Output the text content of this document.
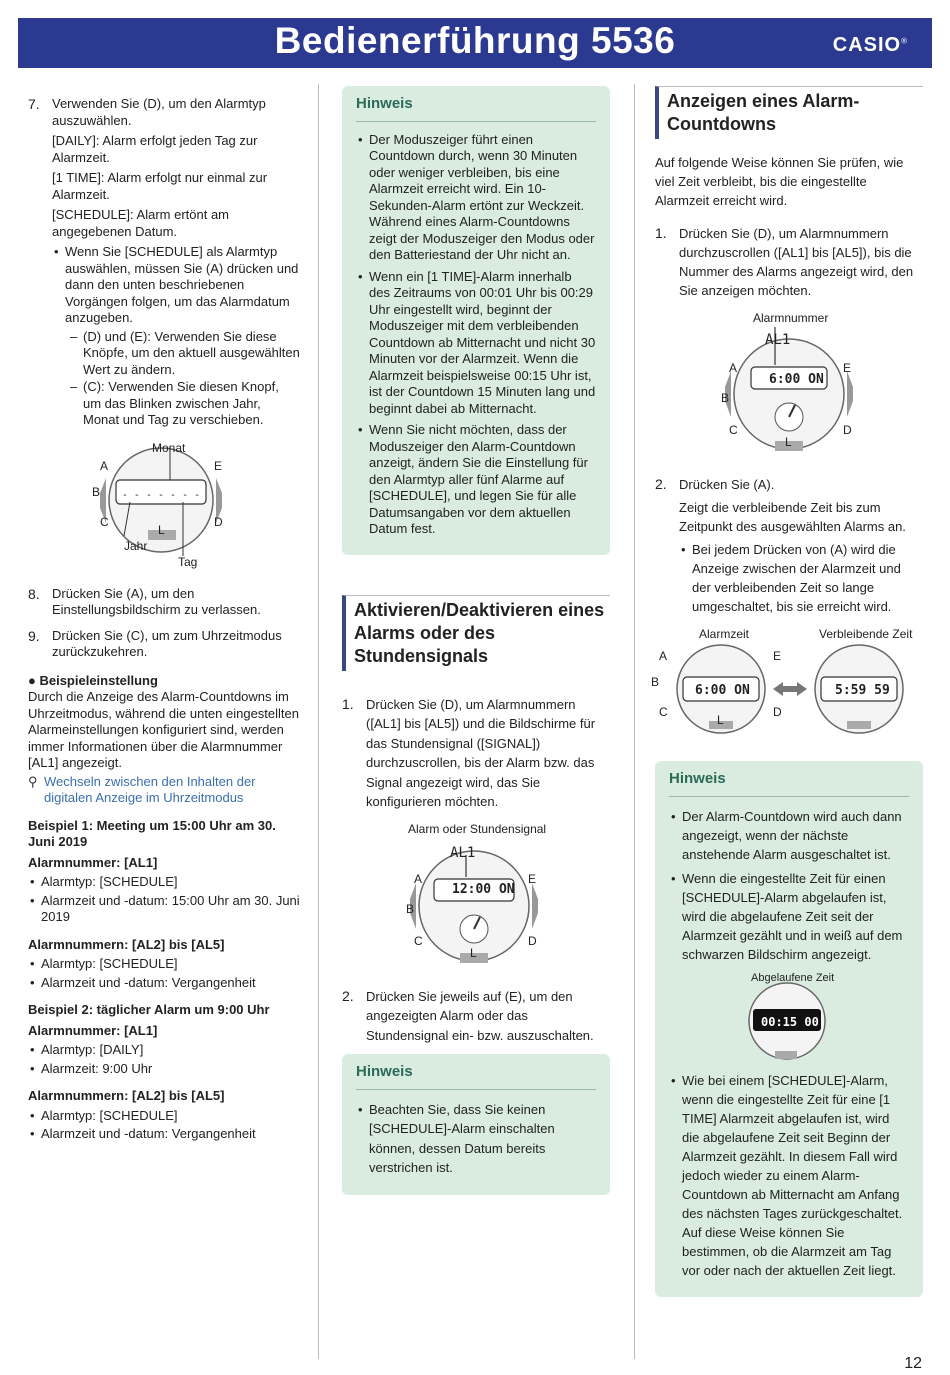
Bedienerführung 5536	CASIO®
7. Verwenden Sie (D), um den Alarmtyp auszuwählen.

[DAILY]: Alarm erfolgt jeden Tag zur Alarmzeit.

[1 TIME]: Alarm erfolgt nur einmal zur Alarmzeit.

[SCHEDULE]: Alarm ertönt am angegebenen Datum.

• Wenn Sie [SCHEDULE] als Alarmtyp auswählen, müssen Sie (A) drücken und dann den unten beschriebenen Vorgängen folgen, um das Alarmdatum anzugeben.
– (D) und (E): Verwenden Sie diese Knöpfe, um den aktuell ausgewählten Wert zu ändern.
– (C): Verwenden Sie diesen Knopf, um das Blinken zwischen Jahr, Monat und Tag zu verschieben.
- - - - - - -
Monat
Jahr
Tag
A
B
C	D
E
L
8. Drücken Sie (A), um den Einstellungsbildschirm zu verlassen.

9. Drücken Sie (C), um zum Uhrzeitmodus zurückzukehren.

● Beispieleinstellung
Durch die Anzeige des Alarm-Countdowns im Uhrzeitmodus, während die unten eingestellten Alarmeinstellungen konfiguriert sind, werden immer Informationen über die Alarmnummer [AL1] angezeigt.
⚲ Wechseln zwischen den Inhalten der digitalen Anzeige im Uhrzeitmodus
Beispiel 1: Meeting um 15:00 Uhr am 30. Juni 2019
Alarmnummer: [AL1]
• Alarmtyp: [SCHEDULE]
• Alarmzeit und -datum: 15:00 Uhr am 30. Juni 2019
Alarmnummern: [AL2] bis [AL5]
• Alarmtyp: [SCHEDULE]
• Alarmzeit und -datum: Vergangenheit
Beispiel 2: täglicher Alarm um 9:00 Uhr
Alarmnummer: [AL1]
• Alarmtyp: [DAILY]
• Alarmzeit: 9:00 Uhr
Alarmnummern: [AL2] bis [AL5]
• Alarmtyp: [SCHEDULE]
• Alarmzeit und -datum: Vergangenheit
Hinweis
• Der Moduszeiger führt einen Countdown durch, wenn 30 Minuten oder weniger verbleiben, bis eine Alarmzeit erreicht wird. Ein 10-Sekunden-Alarm ertönt zur Weckzeit. Während eines Alarm-Countdowns zeigt der Moduszeiger den Modus oder den Batteriestand der Uhr nicht an.
• Wenn ein [1 TIME]-Alarm innerhalb des Zeitraums von 00:01 Uhr bis 00:29 Uhr eingestellt wird, beginnt der Moduszeiger mit dem verbleibenden Countdown ab Mitternacht und nicht 30 Minuten vor der Alarmzeit. Wenn die Alarmzeit beispielsweise 00:15 Uhr ist, ist der Countdown 15 Minuten lang und beginnt dabei ab Mitternacht.
• Wenn Sie nicht möchten, dass der Moduszeiger den Alarm-Countdown anzeigt, ändern Sie die Einstellung für den Alarmtyp aller fünf Alarme auf [SCHEDULE], und legen Sie für alle Datumsangaben vor dem aktuellen Datum fest.
Aktivieren/Deaktivieren eines Alarms oder des Stundensignals
1. Drücken Sie (D), um Alarmnummern ([AL1] bis [AL5]) und die Bildschirme für das Stundensignal ([SIGNAL]) durchzuscrollen, bis der Alarm bzw. das Signal angezeigt wird, das Sie konfigurieren möchten.

Alarm oder Stundensignal
AL1
12:00 ON
A
B
C	D
E
L
2. Drücken Sie jeweils auf (E), um den angezeigten Alarm oder das Stundensignal ein- bzw. auszuschalten.

Hinweis
• Beachten Sie, dass Sie keinen [SCHEDULE]-Alarm einschalten können, dessen Datum bereits verstrichen ist.
Anzeigen eines Alarm-Countdowns
Auf folgende Weise können Sie prüfen, wie viel Zeit verbleibt, bis die eingestellte Alarmzeit erreicht wird.
1. Drücken Sie (D), um Alarmnummern durchzuscrollen ([AL1] bis [AL5]), bis die Nummer des Alarms angezeigt wird, den Sie anzeigen möchten.

Alarmnummer
AL1
6:00 ON
A
B
C	D
E
L
2. Drücken Sie (A).

Zeigt die verbleibende Zeit bis zum Zeitpunkt des ausgewählten Alarms an.

• Bei jedem Drücken von (A) wird die Anzeige zwischen der Alarmzeit und der verbleibenden Zeit so lange umgeschaltet, bis sie erreicht wird.
Alarmzeit	Verbleibende Zeit
6:00 ON	5:59 59
A
B
C	D
E
L
Hinweis
• Der Alarm-Countdown wird auch dann angezeigt, wenn der nächste anstehende Alarm ausgeschaltet ist.
• Wenn die eingestellte Zeit für einen [SCHEDULE]-Alarm abgelaufen ist, wird die abgelaufene Zeit seit der Alarmzeit gezählt und in weiß auf dem schwarzen Bildschirm angezeigt.
Abgelaufene Zeit
00:15 00
• Wie bei einem [SCHEDULE]-Alarm, wenn die eingestellte Zeit für eine [1 TIME] Alarmzeit abgelaufen ist, wird die abgelaufene Zeit seit Beginn der Alarmzeit gezählt. In diesem Fall wird jedoch wieder zu einem Alarm-Countdown ab Mitternacht am Anfang des nächsten Tages zurückgeschaltet. Auf diese Weise können Sie bestimmen, ob die Alarmzeit am Tag vor oder nach der aktuellen Zeit liegt.
12
